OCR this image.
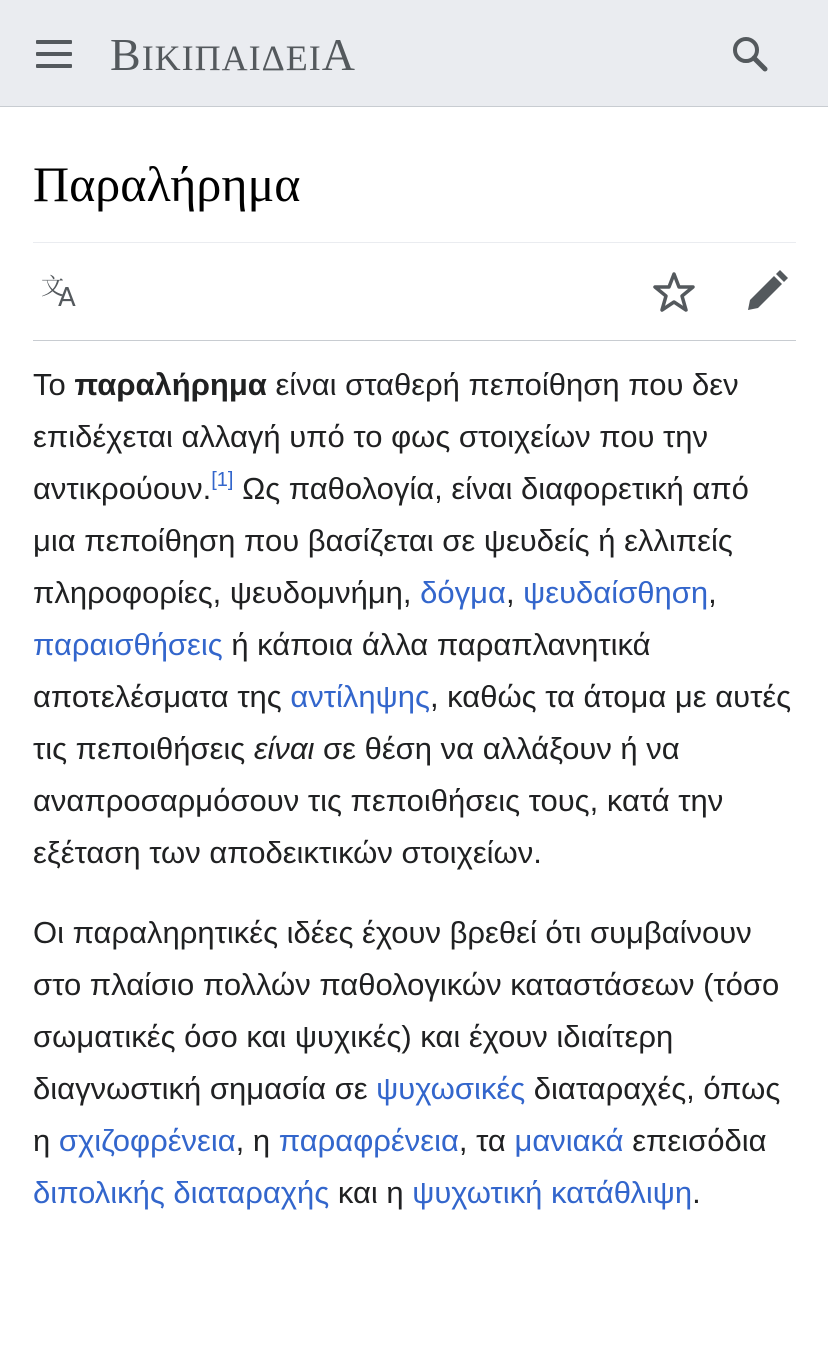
BΙΚΙΠΑΙΔΕΙA
Παραλήρημα
文
A

Το παραλήρημα είναι σταθερή πεποίθηση που δεν επιδέχεται αλλαγή υπό το φως στοιχείων που την αντικρούουν.[1] Ως παθολογία, είναι διαφορετική από μια πεποίθηση που βασίζεται σε ψευδείς ή ελλιπείς πληροφορίες, ψευδομνήμη, δόγμα, ψευδαίσθηση, παραισθήσεις ή κάποια άλλα παραπλανητικά αποτελέσματα της αντίληψης, καθώς τα άτομα με αυτές τις πεποιθήσεις είναι σε θέση να αλλάξουν ή να αναπροσαρμόσουν τις πεποιθήσεις τους, κατά την εξέταση των αποδεικτικών στοιχείων.

Οι παραληρητικές ιδέες έχουν βρεθεί ότι συμβαίνουν στο πλαίσιο πολλών παθολογικών καταστάσεων (τόσο σωματικές όσο και ψυχικές) και έχουν ιδιαίτερη διαγνωστική σημασία σε ψυχωσικές διαταραχές, όπως η σχιζοφρένεια, η παραφρένεια, τα μανιακά επεισόδια διπολικής διαταραχής και η ψυχωτική κατάθλιψη.
